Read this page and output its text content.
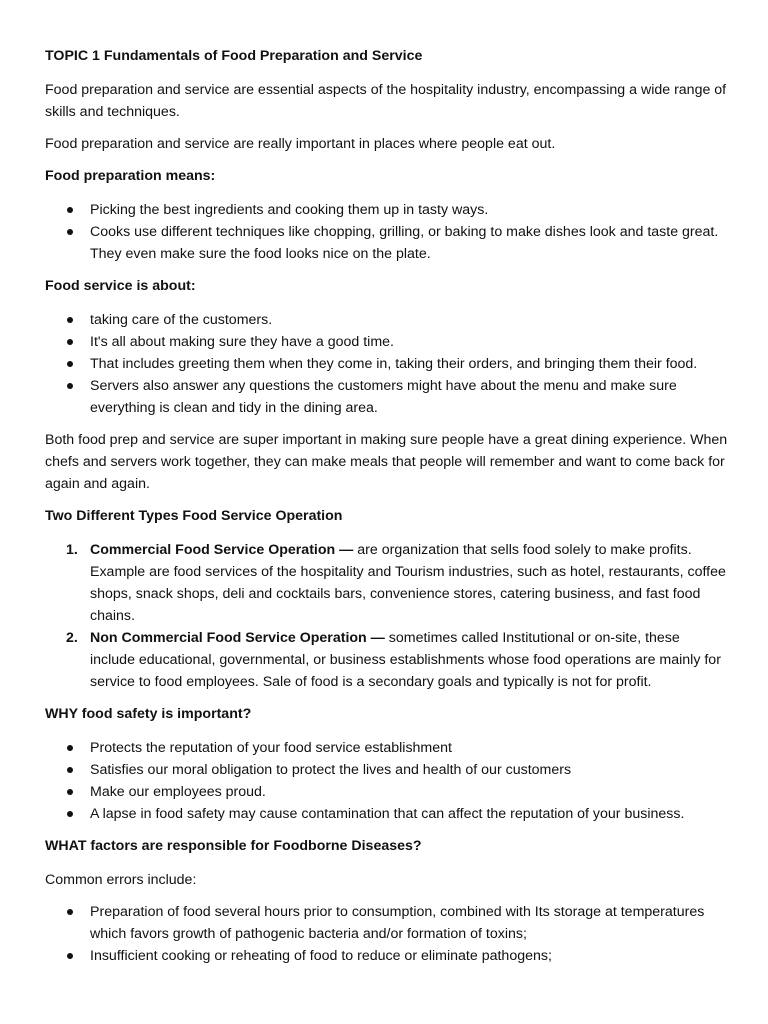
TOPIC 1 Fundamentals of Food Preparation and Service

Food preparation and service are essential aspects of the hospitality industry, encompassing a wide range of skills and techniques.

Food preparation and service are really important in places where people eat out.

Food preparation means:

Picking the best ingredients and cooking them up in tasty ways.
Cooks use different techniques like chopping, grilling, or baking to make dishes look and taste great. They even make sure the food looks nice on the plate.

Food service is about:

taking care of the customers.
It's all about making sure they have a good time.
That includes greeting them when they come in, taking their orders, and bringing them their food.
Servers also answer any questions the customers might have about the menu and make sure everything is clean and tidy in the dining area.

Both food prep and service are super important in making sure people have a great dining experience. When chefs and servers work together, they can make meals that people will remember and want to come back for again and again.

Two Different Types Food Service Operation

1. Commercial Food Service Operation — are organization that sells food solely to make profits. Example are food services of the hospitality and Tourism industries, such as hotel, restaurants, coffee shops, snack shops, deli and cocktails bars, convenience stores, catering business, and fast food chains.
2. Non Commercial Food Service Operation — sometimes called Institutional or on-site, these include educational, governmental, or business establishments whose food operations are mainly for service to food employees. Sale of food is a secondary goals and typically is not for profit.

WHY food safety is important?

Protects the reputation of your food service establishment
Satisfies our moral obligation to protect the lives and health of our customers
Make our employees proud.
A lapse in food safety may cause contamination that can affect the reputation of your business.

WHAT factors are responsible for Foodborne Diseases?

Common errors include:

Preparation of food several hours prior to consumption, combined with Its storage at temperatures which favors growth of pathogenic bacteria and/or formation of toxins;
Insufficient cooking or reheating of food to reduce or eliminate pathogens;
